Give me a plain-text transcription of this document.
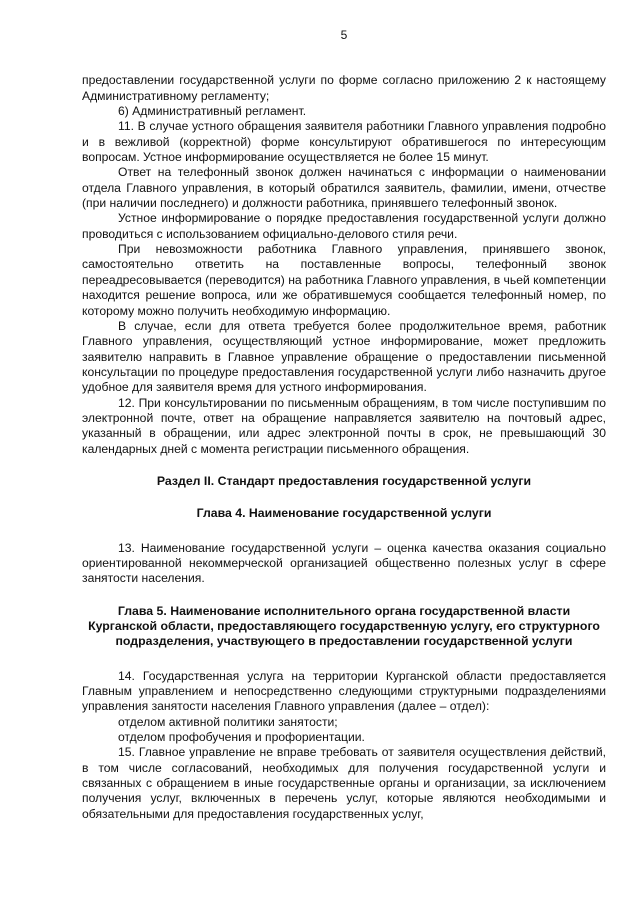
5

предоставлении государственной услуги по форме согласно приложению 2 к настоящему Административному регламенту;

6) Административный регламент.

11. В случае устного обращения заявителя работники Главного управления подробно и в вежливой (корректной) форме консультируют обратившегося по интересующим вопросам. Устное информирование осуществляется не более 15 минут.

Ответ на телефонный звонок должен начинаться с информации о наименовании отдела Главного управления, в который обратился заявитель, фамилии, имени, отчестве (при наличии последнего) и должности работника, принявшего телефонный звонок.

Устное информирование о порядке предоставления государственной услуги должно проводиться с использованием официально-делового стиля речи.

При невозможности работника Главного управления, принявшего звонок, самостоятельно ответить на поставленные вопросы, телефонный звонок переадресовывается (переводится) на работника Главного управления, в чьей компетенции находится решение вопроса, или же обратившемуся сообщается телефонный номер, по которому можно получить необходимую информацию.

В случае, если для ответа требуется более продолжительное время, работник Главного управления, осуществляющий устное информирование, может предложить заявителю направить в Главное управление обращение о предоставлении письменной консультации по процедуре предоставления государственной услуги либо назначить другое удобное для заявителя время для устного информирования.

12. При консультировании по письменным обращениям, в том числе поступившим по электронной почте, ответ на обращение направляется заявителю на почтовый адрес, указанный в обращении, или адрес электронной почты в срок, не превышающий 30 календарных дней с момента регистрации письменного обращения.

Раздел II. Стандарт предоставления государственной услуги
Глава 4. Наименование государственной услуги

13. Наименование государственной услуги – оценка качества оказания социально ориентированной некоммерческой организацией общественно полезных услуг в сфере занятости населения.

Глава 5. Наименование исполнительного органа государственной власти Курганской области, предоставляющего государственную услугу, его структурного подразделения, участвующего в предоставлении государственной услуги

14. Государственная услуга на территории Курганской области предоставляется Главным управлением и непосредственно следующими структурными подразделениями управления занятости населения Главного управления (далее – отдел):

отделом активной политики занятости;

отделом профобучения и профориентации.

15. Главное управление не вправе требовать от заявителя осуществления действий, в том числе согласований, необходимых для получения государственной услуги и связанных с обращением в иные государственные органы и организации, за исключением получения услуг, включенных в перечень услуг, которые являются необходимыми и обязательными для предоставления государственных услуг,
